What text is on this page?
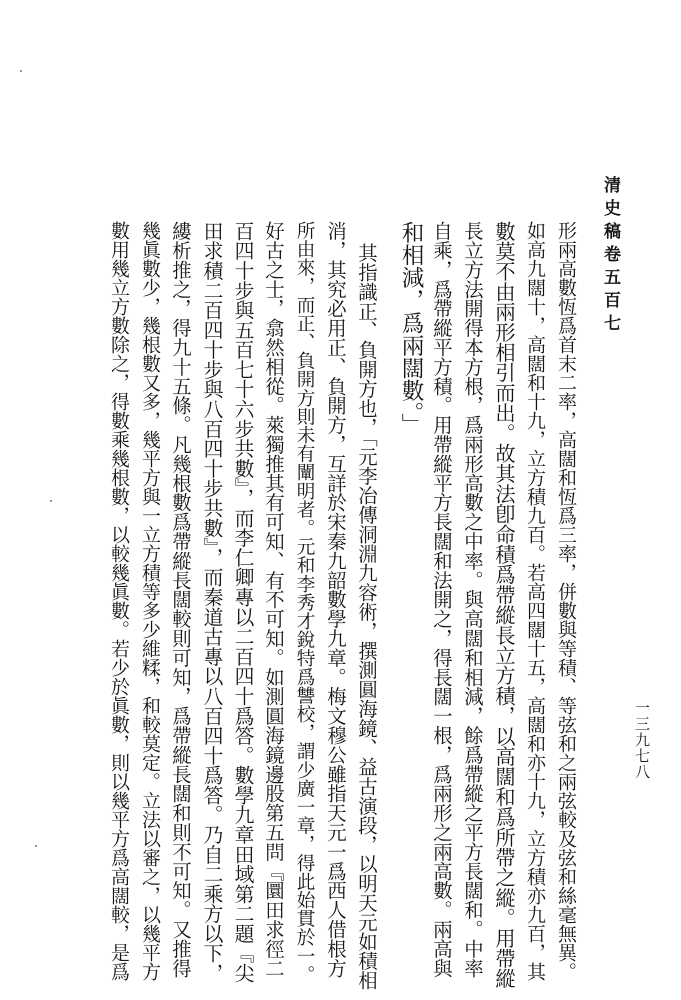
清史稿卷五百七
一三九七八
形兩高數恆爲首末二率，高闊和恆爲三率，併數與等積、等弦和之兩弦較及弦和絲毫無異。
如高九闊十，高闊和十九，立方積九百。若高四闊十五，高闊和亦十九，立方積亦九百，其
數莫不由兩形相引而出。故其法卽命積爲帶縱長立方積，以高闊和爲所帶之縱。用帶縱
長立方法開得本方根，爲兩形高數之中率。與高闊和相減，餘爲帶縱之平方長闊和。中率
自乘，爲帶縱平方積。用帶縱平方長闊和法開之，得長闊一根，爲兩形之兩高數。兩高與
和相減，爲兩闊數。」
其指識正、負開方也，「元李冶傳洞淵九容術，撰測圓海鏡、益古演段，以明天元如積相
消，其究必用正、負開方，互詳於宋秦九韶數學九章。梅文穆公雖指天元一爲西人借根方
所由來，而正、負開方則未有闡明者。元和李秀才銳特爲讐校，謂少廣一章，得此始貫於一。
好古之士，翕然相從。萊獨推其有可知、有不可知。如測圓海鏡邊股第五問『圜田求徑二
百四十步與五百七十六步共數』，而李仁卿專以二百四十爲答。數學九章田域第二題『尖
田求積二百四十步與八百四十步共數』，而秦道古專以八百四十爲答。乃自二乘方以下，
縷析推之，得九十五條。凡幾根數爲帶縱長闊較則可知，爲帶縱長闊和則不可知。又推得
幾眞數少，幾根數又多，幾平方與一立方積等多少維糅，和較莫定。立法以審之，以幾平方
數用幾立方數除之，得數乘幾根數，以較幾眞數。若少於眞數，則以幾平方爲高闊較，是爲
